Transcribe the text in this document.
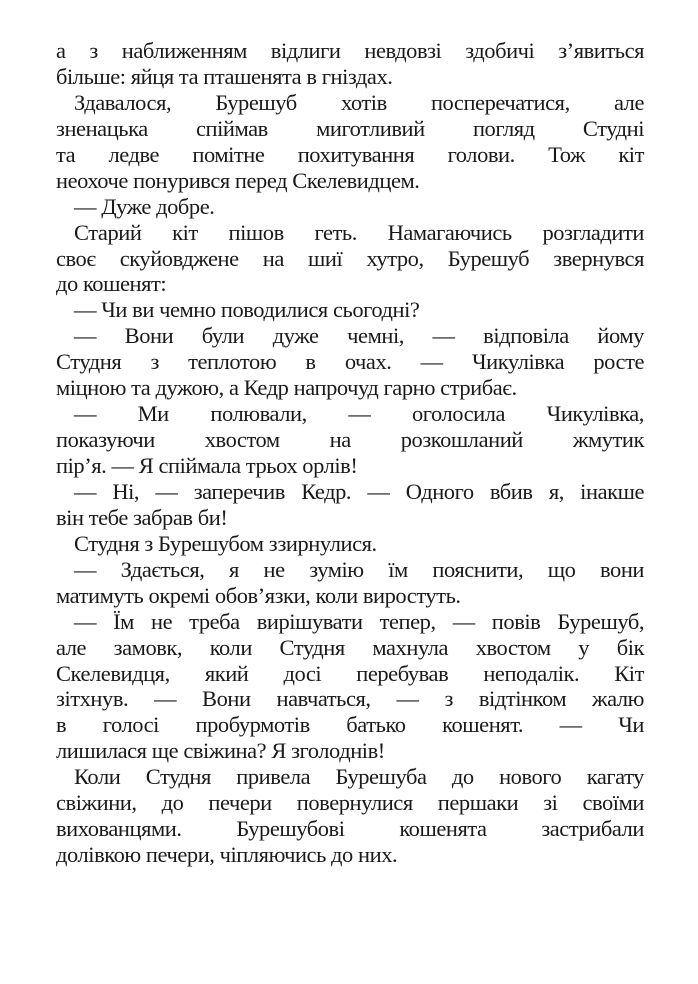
а з наближенням відлиги невдовзі здобичі з’явиться
більше: яйця та пташенята в гніздах.
Здавалося, Бурешуб хотів посперечатися, але
зненацька спіймав миготливий погляд Студні
та ледве помітне похитування голови. Тож кіт
неохоче понурився перед Скелевидцем.
— Дуже добре.
Старий кіт пішов геть. Намагаючись розгладити
своє скуйовджене на шиї хутро, Бурешуб звернувся
до кошенят:
— Чи ви чемно поводилися сьогодні?
— Вони були дуже чемні, — відповіла йому
Студня з теплотою в очах. — Чикулівка росте
міцною та дужою, а Кедр напрочуд гарно стрибає.
— Ми полювали, — оголосила Чикулівка,
показуючи хвостом на розкошланий жмутик
пір’я. — Я спіймала трьох орлів!
— Ні, — заперечив Кедр. — Одного вбив я, інакше
він тебе забрав би!
Студня з Бурешубом ззирнулися.
— Здається, я не зумію їм пояснити, що вони
матимуть окремі обов’язки, коли виростуть.
— Їм не треба вирішувати тепер, — повів Бурешуб,
але замовк, коли Студня махнула хвостом у бік
Скелевидця, який досі перебував неподалік. Кіт
зітхнув. — Вони навчаться, — з відтінком жалю
в голосі пробурмотів батько кошенят. — Чи
лишилася ще свіжина? Я зголоднів!
Коли Студня привела Бурешуба до нового кагату
свіжини, до печери повернулися першаки зі своїми
вихованцями. Бурешубові кошенята застрибали
долівкою печери, чіпляючись до них.
